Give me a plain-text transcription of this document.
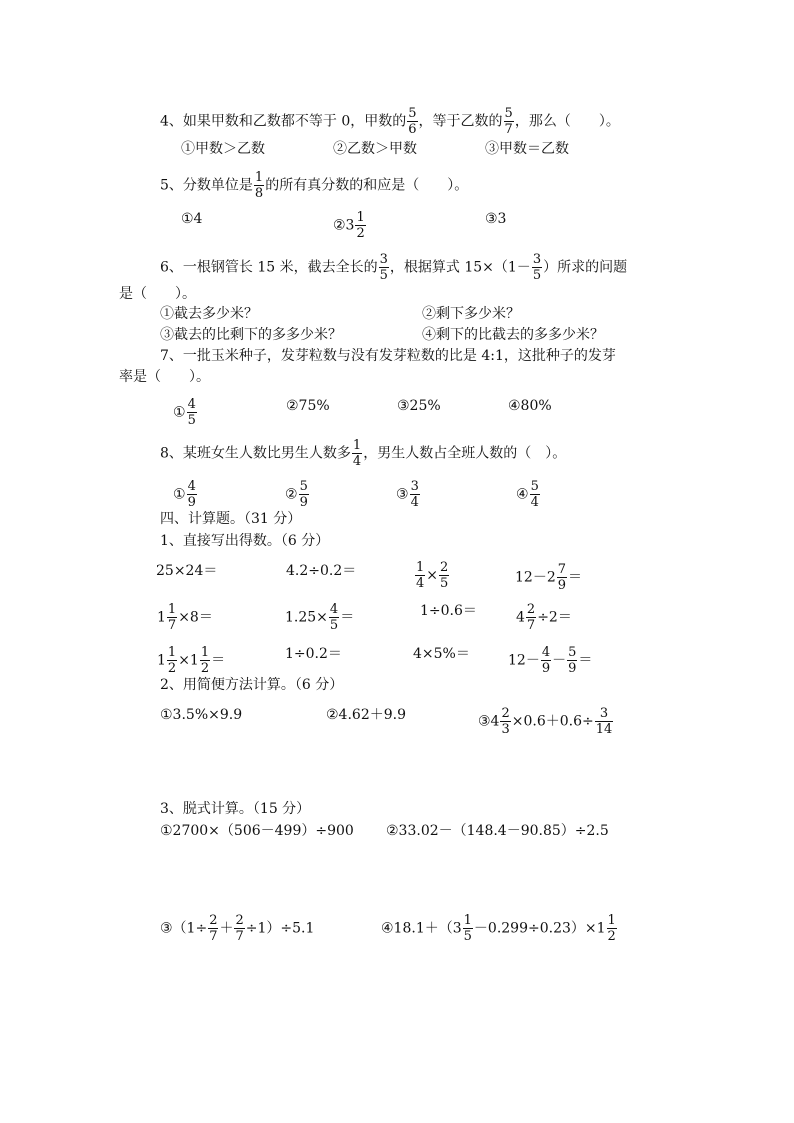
4、如果甲数和乙数都不等于 0，甲数的 $\frac{5}{6}$ ，等于乙数的 $\frac{5}{7}$ ，那么（　　）。
①甲数＞乙数	②乙数＞甲数	③甲数＝乙数
5、分数单位是 $\frac{1}{8}$ 的所有真分数的和应是（　　）。
①4	②3 $\frac{1}{2}$	③3
6、一根钢管长 15 米，截去全长的 $\frac{3}{5}$ ，根据算式 $15\times(1- \frac{3}{5}$ ）所求的问题
是（　　）。
①截去多少米？	②剩下多少米？
③截去的比剩下的多多少米？	④剩下的比截去的多多少米？
7、一批玉米种子，发芽粒数与没有发芽粒数的比是 4:1，这批种子的发芽
率是（　　）。
① $\frac{4}{5}$	②75%	③25%	④80%
8、某班女生人数比男生人数多 $\frac{1}{4}$ ，男生人数占全班人数的（　）。
① $\frac{4}{9}$	② $\frac{5}{9}$	③ $\frac{3}{4}$	④ $\frac{5}{4}$
四、计算题。（31 分）
1、直接写出得数。（6 分）
25×24＝	4.2÷0.2＝	$\frac{1}{4} \times \frac{2}{5}$	$12-2 \frac{7}{9}$ ＝
$1 \frac{1}{7} \times 8=$	$1.25\times \frac{4}{5}$ ＝	1÷0.6＝	$4 \frac{2}{7} \div 2=$
$1 \frac{1}{2} \times 1 \frac{1}{2}$ ＝	1÷0.2＝	4×5%＝	$12- \frac{4}{9} - \frac{5}{9}$ ＝
2、用简便方法计算。（6 分）
①3.5%×9.9	②4.62＋9.9	③4 $\frac{2}{3} \times 0.6+0.6\div \frac{3}{14}$
3、脱式计算。（15 分）
①2700×（506－499）÷900 ②33.02－（148.4－90.85）÷2.5
③（1÷ $\frac{2}{7} + \frac{2}{7} \div 1)\div 5.1$	④18.1＋（3 $\frac{1}{5} -0.299\div 0.23)\times 1 \frac{1}{2}$
